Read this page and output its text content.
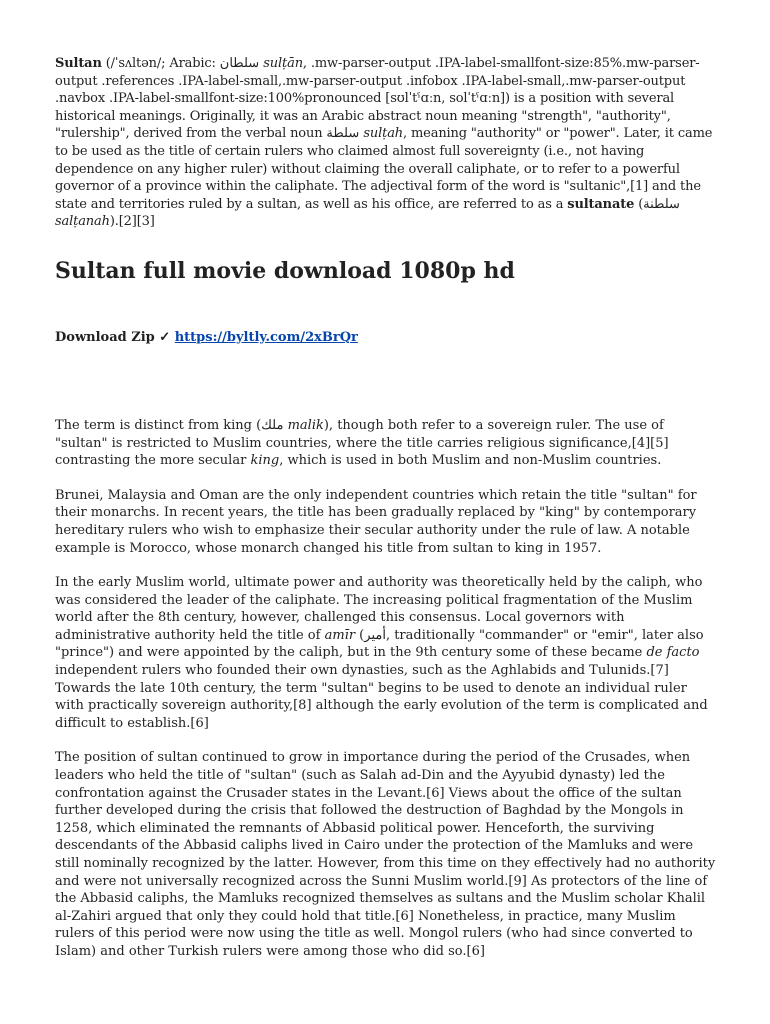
Sultan (/ˈsʌltən/; Arabic: سلطان sulṭān, .mw-parser-output .IPA-label-smallfont-size:85%.mw-parser-output .references .IPA-label-small,.mw-parser-output .infobox .IPA-label-small,.mw-parser-output .navbox .IPA-label-smallfont-size:100%pronounced [sʊlˈtˤɑːn, solˈtˤɑːn]) is a position with several historical meanings. Originally, it was an Arabic abstract noun meaning "strength", "authority", "rulership", derived from the verbal noun سلطة sulṭah, meaning "authority" or "power". Later, it came to be used as the title of certain rulers who claimed almost full sovereignty (i.e., not having dependence on any higher ruler) without claiming the overall caliphate, or to refer to a powerful governor of a province within the caliphate. The adjectival form of the word is "sultanic",[1] and the state and territories ruled by a sultan, as well as his office, are referred to as a sultanate (سلطنة salṭanah).[2][3]

Sultan full movie download 1080p hd
Download Zip ✓ https://byltly.com/2xBrQr

The term is distinct from king (ملك malik), though both refer to a sovereign ruler. The use of "sultan" is restricted to Muslim countries, where the title carries religious significance,[4][5] contrasting the more secular king, which is used in both Muslim and non-Muslim countries.

Brunei, Malaysia and Oman are the only independent countries which retain the title "sultan" for their monarchs. In recent years, the title has been gradually replaced by "king" by contemporary hereditary rulers who wish to emphasize their secular authority under the rule of law. A notable example is Morocco, whose monarch changed his title from sultan to king in 1957.

In the early Muslim world, ultimate power and authority was theoretically held by the caliph, who was considered the leader of the caliphate. The increasing political fragmentation of the Muslim world after the 8th century, however, challenged this consensus. Local governors with administrative authority held the title of amīr (أمير, traditionally "commander" or "emir", later also "prince") and were appointed by the caliph, but in the 9th century some of these became de facto independent rulers who founded their own dynasties, such as the Aghlabids and Tulunids.[7] Towards the late 10th century, the term "sultan" begins to be used to denote an individual ruler with practically sovereign authority,[8] although the early evolution of the term is complicated and difficult to establish.[6]

The position of sultan continued to grow in importance during the period of the Crusades, when leaders who held the title of "sultan" (such as Salah ad-Din and the Ayyubid dynasty) led the confrontation against the Crusader states in the Levant.[6] Views about the office of the sultan further developed during the crisis that followed the destruction of Baghdad by the Mongols in 1258, which eliminated the remnants of Abbasid political power. Henceforth, the surviving descendants of the Abbasid caliphs lived in Cairo under the protection of the Mamluks and were still nominally recognized by the latter. However, from this time on they effectively had no authority and were not universally recognized across the Sunni Muslim world.[9] As protectors of the line of the Abbasid caliphs, the Mamluks recognized themselves as sultans and the Muslim scholar Khalil al-Zahiri argued that only they could hold that title.[6] Nonetheless, in practice, many Muslim rulers of this period were now using the title as well. Mongol rulers (who had since converted to Islam) and other Turkish rulers were among those who did so.[6]
